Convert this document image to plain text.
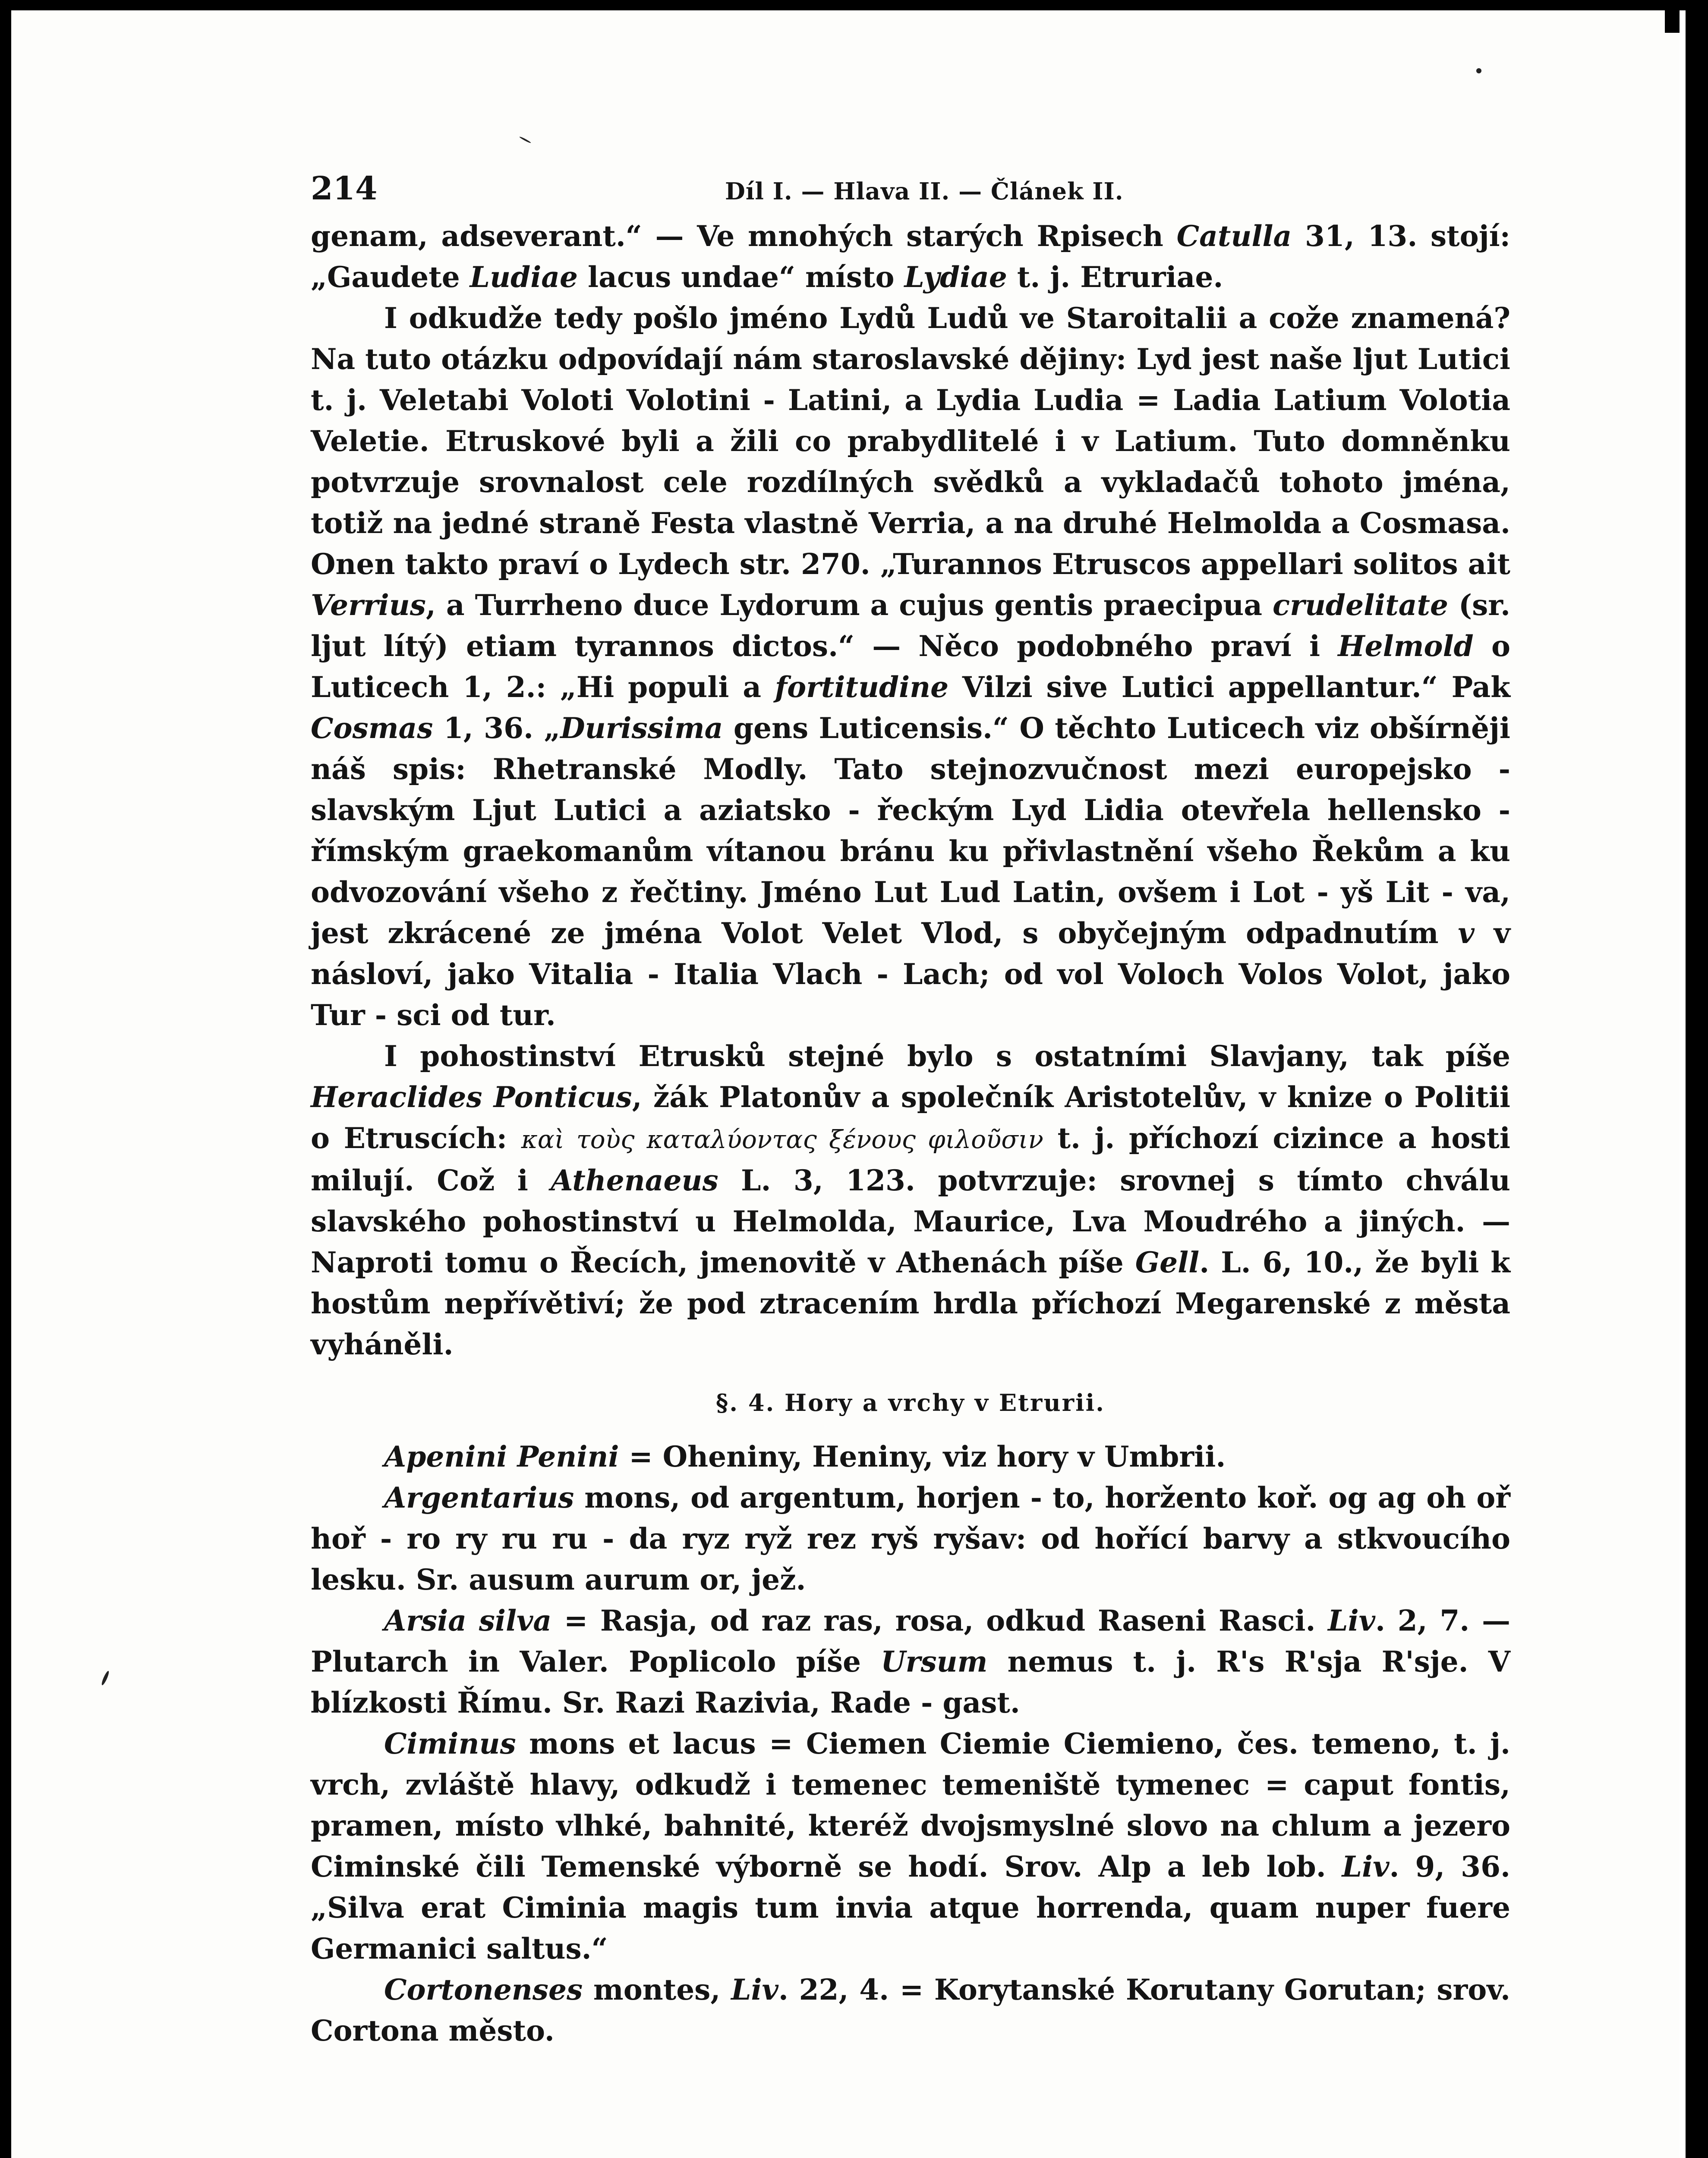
214	Díl I. — Hlava II. — Článek II.

genam, adseverant.“ — Ve mnohých starých Rpisech Catulla 31, 13. stojí: „Gaudete Ludiae lacus undae“ místo Lydiae t. j. Etruriae.

I odkudže tedy pošlo jméno Lydů Ludů ve Staroitalii a cože znamená? Na tuto otázku odpovídají nám staroslavské dějiny: Lyd jest naše ljut Lutici t. j. Veletabi Voloti Volotini - Latini, a Lydia Ludia = Ladia Latium Volotia Veletie. Etruskové byli a žili co prabydlitelé i v Latium. Tuto domněnku potvrzuje srovnalost cele rozdílných svědků a vykladačů tohoto jména, totiž na jedné straně Festa vlastně Verria, a na druhé Helmolda a Cosmasa. Onen takto praví o Lydech str. 270. „Turannos Etruscos appellari solitos ait Verrius, a Turrheno duce Lydorum a cujus gentis praecipua crudelitate (sr. ljut lítý) etiam tyrannos dictos.“ — Něco podobného praví i Helmold o Luticech 1, 2.: „Hi populi a fortitudine Vilzi sive Lutici appellantur.“ Pak Cosmas 1, 36. „Durissima gens Luticensis.“ O těchto Luticech viz obšírněji náš spis: Rhetranské Modly. Tato stejnozvučnost mezi europejsko - slavským Ljut Lutici a aziatsko - řeckým Lyd Lidia otevřela hellensko - římským graekomanům vítanou bránu ku přivlastnění všeho Řekům a ku odvozování všeho z řečtiny. Jméno Lut Lud Latin, ovšem i Lot - yš Lit - va, jest zkrácené ze jména Volot Velet Vlod, s obyčejným odpadnutím v v násloví, jako Vitalia - Italia Vlach - Lach; od vol Voloch Volos Volot, jako Tur - sci od tur.

I pohostinství Etrusků stejné bylo s ostatními Slavjany, tak píše Heraclides Ponticus, žák Platonův a společník Aristotelův, v knize o Politii o Etruscích: καὶ τοὺς καταλύοντας ξένους φιλοῦσιν t. j. příchozí cizince a hosti milují. Což i Athenaeus L. 3, 123. potvrzuje: srovnej s tímto chválu slavského pohostinství u Helmolda, Maurice, Lva Moudrého a jiných. — Naproti tomu o Řecích, jmenovitě v Athenách píše Gell. L. 6, 10., že byli k hostům nepřívětiví; že pod ztracením hrdla příchozí Megarenské z města vyháněli.

§. 4. Hory a vrchy v Etrurii.

Apenini Penini = Oheniny, Heniny, viz hory v Umbrii.

Argentarius mons, od argentum, horjen - to, horžento koř. og ag oh oř hoř - ro ry ru ru - da ryz ryž rez ryš ryšav: od hořící barvy a stkvoucího lesku. Sr. ausum aurum or, jež.

Arsia silva = Rasja, od raz ras, rosa, odkud Raseni Rasci. Liv. 2, 7. — Plutarch in Valer. Poplicolo píše Ursum nemus t. j. R's R'sja R'sje. V blízkosti Římu. Sr. Razi Razivia, Rade - gast.

Ciminus mons et lacus = Ciemen Ciemie Ciemieno, čes. temeno, t. j. vrch, zvláště hlavy, odkudž i temenec temeniště tymenec = caput fontis, pramen, místo vlhké, bahnité, kteréž dvojsmyslné slovo na chlum a jezero Ciminské čili Temenské výborně se hodí. Srov. Alp a leb lob. Liv. 9, 36. „Silva erat Ciminia magis tum invia atque horrenda, quam nuper fuere Germanici saltus.“

Cortonenses montes, Liv. 22, 4. = Korytanské Korutany Gorutan; srov. Cortona město.
